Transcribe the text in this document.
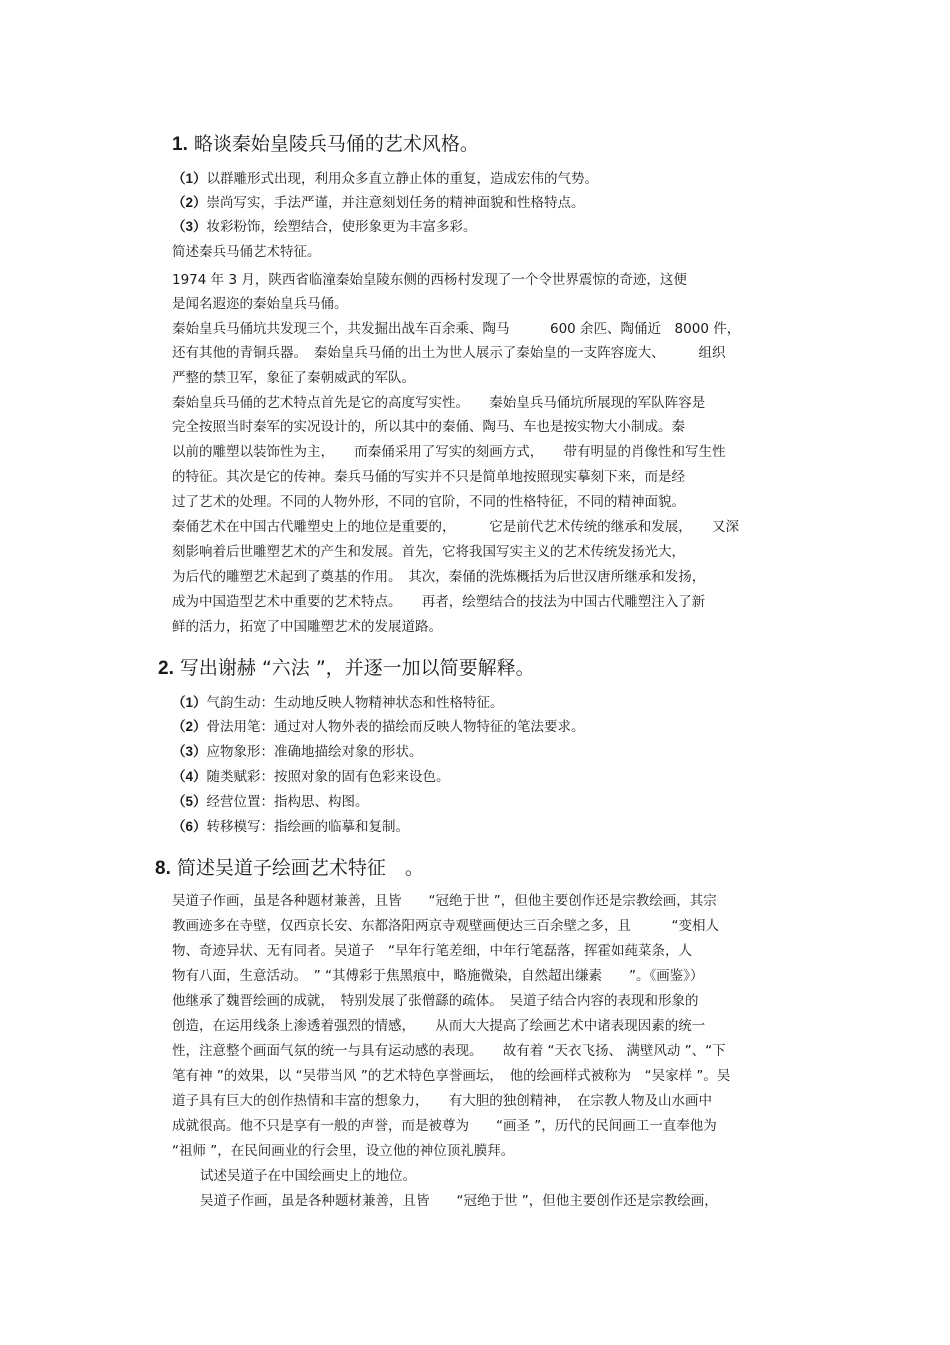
1. 略谈秦始皇陵兵马俑的艺术风格。
（1）以群雕形式出现，利用众多直立静止体的重复，造成宏伟的气势。
（2）崇尚写实，手法严谨，并注意刻划任务的精神面貌和性格特点。
（3）妆彩粉饰，绘塑结合，使形象更为丰富多彩。
简述秦兵马俑艺术特征。
1974 年 3 月，陕西省临潼秦始皇陵东侧的西杨村发现了一个令世界震惊的奇迹，这便
是闻名遐迩的秦始皇兵马俑。
秦始皇兵马俑坑共发现三个，共发掘出战车百余乘、陶马　　　600 余匹、陶俑近　8000 件，
还有其他的青铜兵器。　秦始皇兵马俑的出土为世人展示了秦始皇的一支阵容庞大、　　　组织
严整的禁卫军，象征了秦朝威武的军队。
秦始皇兵马俑的艺术特点首先是它的高度写实性。　　秦始皇兵马俑坑所展现的军队阵容是
完全按照当时秦军的实况设计的，所以其中的秦俑、陶马、车也是按实物大小制成。秦
以前的雕塑以装饰性为主，　　而秦俑采用了写实的刻画方式，　　带有明显的肖像性和写生性
的特征。其次是它的传神。秦兵马俑的写实并不只是简单地按照现实摹刻下来，而是经
过了艺术的处理。不同的人物外形，不同的官阶，不同的性格特征，不同的精神面貌。
秦俑艺术在中国古代雕塑史上的地位是重要的，　　　它是前代艺术传统的继承和发展，　　又深
刻影响着后世雕塑艺术的产生和发展。首先，它将我国写实主义的艺术传统发扬光大，
为后代的雕塑艺术起到了奠基的作用。　其次，秦俑的洗炼概括为后世汉唐所继承和发扬，
成为中国造型艺术中重要的艺术特点。　　再者，绘塑结合的技法为中国古代雕塑注入了新
鲜的活力，拓宽了中国雕塑艺术的发展道路。
2. 写出谢赫 “六法 ”，并逐一加以简要解释。
（1）气韵生动：生动地反映人物精神状态和性格特征。
（2）骨法用笔：通过对人物外表的描绘而反映人物特征的笔法要求。
（3）应物象形：准确地描绘对象的形状。
（4）随类赋彩：按照对象的固有色彩来设色。
（5）经营位置：指构思、构图。
（6）转移模写：指绘画的临摹和复制。
8. 简述吴道子绘画艺术特征　。
吴道子作画，虽是各种题材兼善，且皆　　“冠绝于世 ”，但他主要创作还是宗教绘画，其宗
教画迹多在寺壁，仅西京长安、东都洛阳两京寺观壁画便达三百余壁之多，且　　　“变相人
物、奇迹异状、无有同者。吴道子　“早年行笔差细，中年行笔磊落，挥霍如莼菜条，人
物有八面，生意活动。　” “其傅彩于焦黑痕中，略施微染，自然超出缣素　　”。《画鉴》）
他继承了魏晋绘画的成就，　特别发展了张僧繇的疏体。　吴道子结合内容的表现和形象的
创造，在运用线条上渗透着强烈的情感，　　从而大大提高了绘画艺术中诸表现因素的统一
性，注意整个画面气氛的统一与具有运动感的表现。　　故有着 “天衣飞扬、 满壁风动 ”、“下
笔有神 ”的效果，以 “吴带当风 ”的艺术特色享誉画坛，　他的绘画样式被称为　“吴家样 ”。吴
道子具有巨大的创作热情和丰富的想象力，　　有大胆的独创精神，　在宗教人物及山水画中
成就很高。他不只是享有一般的声誉，而是被尊为　　“画圣 ”，历代的民间画工一直奉他为
“祖师 ”，在民间画业的行会里，设立他的神位顶礼膜拜。
试述吴道子在中国绘画史上的地位。
吴道子作画，虽是各种题材兼善，且皆　　“冠绝于世 ”，但他主要创作还是宗教绘画，
